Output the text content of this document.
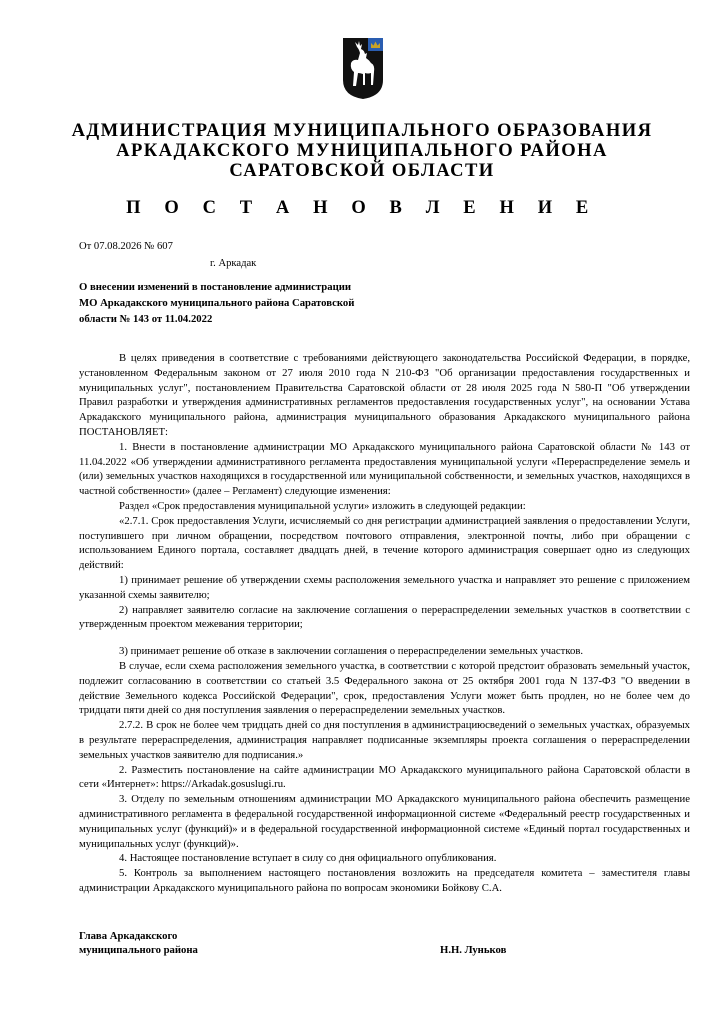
АДМИНИСТРАЦИЯ МУНИЦИПАЛЬНОГО ОБРАЗОВАНИЯ
АРКАДАКСКОГО МУНИЦИПАЛЬНОГО РАЙОНА
САРАТОВСКОЙ ОБЛАСТИ
П О С Т А Н О В Л Е Н И Е
От 07.08.2026 № 607
г. Аркадак
О внесении изменений в постановление администрации
МО Аркадакского муниципального района Саратовской
области № 143 от 11.04.2022

В целях приведения в соответствие с требованиями действующего законодательства Российской Федерации, в порядке, установленном Федеральным законом от 27 июля 2010 года N 210-ФЗ "Об организации предоставления государственных и муниципальных услуг", постановлением Правительства Саратовской области от 28 июля 2025 года N 580-П "Об утверждении Правил разработки и утверждения административных регламентов предоставления государственных услуг", на основании Устава Аркадакского муниципального района, администрация муниципального образования Аркадакского муниципального района ПОСТАНОВЛЯЕТ:

1. Внести в постановление администрации МО Аркадакского муниципального района Саратовской области № 143 от 11.04.2022 «Об утверждении административного регламента предоставления муниципальной услуги «Перераспределение земель и (или) земельных участков находящихся в государственной или муниципальной собственности, и земельных участков, находящихся в частной собственности» (далее – Регламент) следующие изменения:

Раздел «Срок предоставления муниципальной услуги» изложить в следующей редакции:

«2.7.1. Срок предоставления Услуги, исчисляемый со дня регистрации администрацией заявления о предоставлении Услуги, поступившего при личном обращении, посредством почтового отправления, электронной почты, либо при обращении с использованием Единого портала, составляет двадцать дней, в течение которого администрация совершает одно из следующих действий:

1) принимает решение об утверждении схемы расположения земельного участка и направляет это решение с приложением указанной схемы заявителю;

2) направляет заявителю согласие на заключение соглашения о перераспределении земельных участков в соответствии с утвержденным проектом межевания территории;

3) принимает решение об отказе в заключении соглашения о перераспределении земельных участков.

В случае, если схема расположения земельного участка, в соответствии с которой предстоит образовать земельный участок, подлежит согласованию в соответствии со статьей 3.5 Федерального закона от 25 октября 2001 года N 137-ФЗ "О введении в действие Земельного кодекса Российской Федерации", срок, предоставления Услуги может быть продлен, но не более чем до тридцати пяти дней со дня поступления заявления о перераспределении земельных участков.

2.7.2. В срок не более чем тридцать дней со дня поступления в администрациюсведений о земельных участках, образуемых в результате перераспределения, администрация направляет подписанные экземпляры проекта соглашения о перераспределении земельных участков заявителю для подписания.»

2. Разместить постановление на сайте администрации МО Аркадакского муниципального района Саратовской области в сети «Интернет»: https://Arkadak.gosuslugi.ru.

3. Отделу по земельным отношениям администрации МО Аркадакского муниципального района обеспечить размещение административного регламента в федеральной государственной информационной системе «Федеральный реестр государственных и муниципальных услуг (функций)» и в федеральной государственной информационной системе «Единый портал государственных и муниципальных услуг (функций)».

4. Настоящее постановление вступает в силу со дня официального опубликования.

5. Контроль за выполнением настоящего постановления возложить на председателя комитета – заместителя главы администрации Аркадакского муниципального района по вопросам экономики Бойкову С.А.

Глава Аркадакского
муниципального района	Н.Н. Луньков
